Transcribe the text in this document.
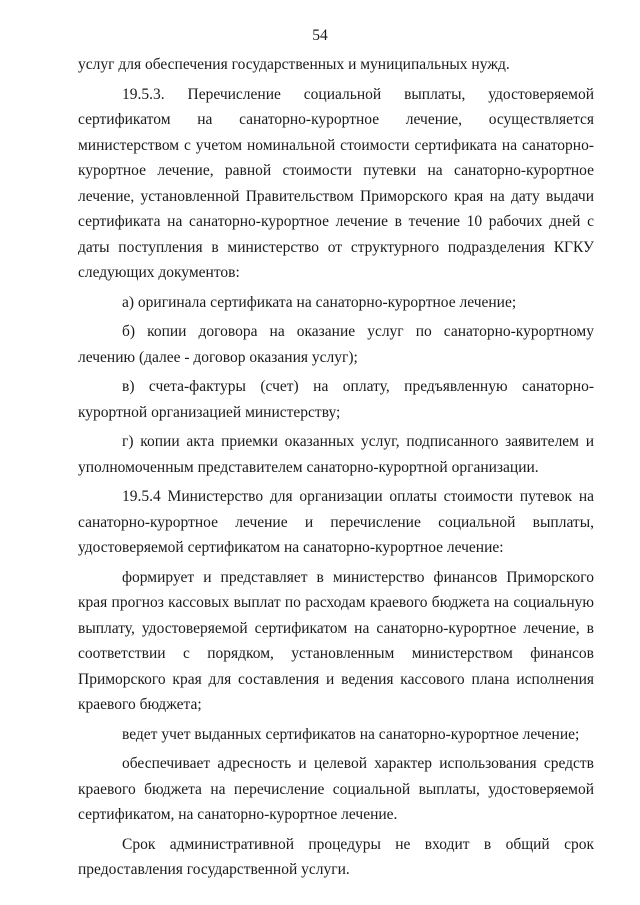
54

услуг для обеспечения государственных и муниципальных нужд.

19.5.3. Перечисление социальной выплаты, удостоверяемой сертификатом на санаторно-курортное лечение, осуществляется министерством с учетом номинальной стоимости сертификата на санаторно-курортное лечение, равной стоимости путевки на санаторно-курортное лечение, установленной Правительством Приморского края на дату выдачи сертификата на санаторно-курортное лечение в течение 10 рабочих дней с даты поступления в министерство от структурного подразделения КГКУ следующих документов:

а) оригинала сертификата на санаторно-курортное лечение;

б) копии договора на оказание услуг по санаторно-курортному лечению (далее - договор оказания услуг);

в) счета-фактуры (счет) на оплату, предъявленную санаторно-курортной организацией министерству;

г) копии акта приемки оказанных услуг, подписанного заявителем и уполномоченным представителем санаторно-курортной организации.

19.5.4 Министерство для организации оплаты стоимости путевок на санаторно-курортное лечение и перечисление социальной выплаты, удостоверяемой сертификатом на санаторно-курортное лечение:

формирует и представляет в министерство финансов Приморского края прогноз кассовых выплат по расходам краевого бюджета на социальную выплату, удостоверяемой сертификатом на санаторно-курортное лечение, в соответствии с порядком, установленным министерством финансов Приморского края для составления и ведения кассового плана исполнения краевого бюджета;

ведет учет выданных сертификатов на санаторно-курортное лечение;

обеспечивает адресность и целевой характер использования средств краевого бюджета на перечисление социальной выплаты, удостоверяемой сертификатом, на санаторно-курортное лечение.

Срок административной процедуры не входит в общий срок предоставления государственной услуги.
